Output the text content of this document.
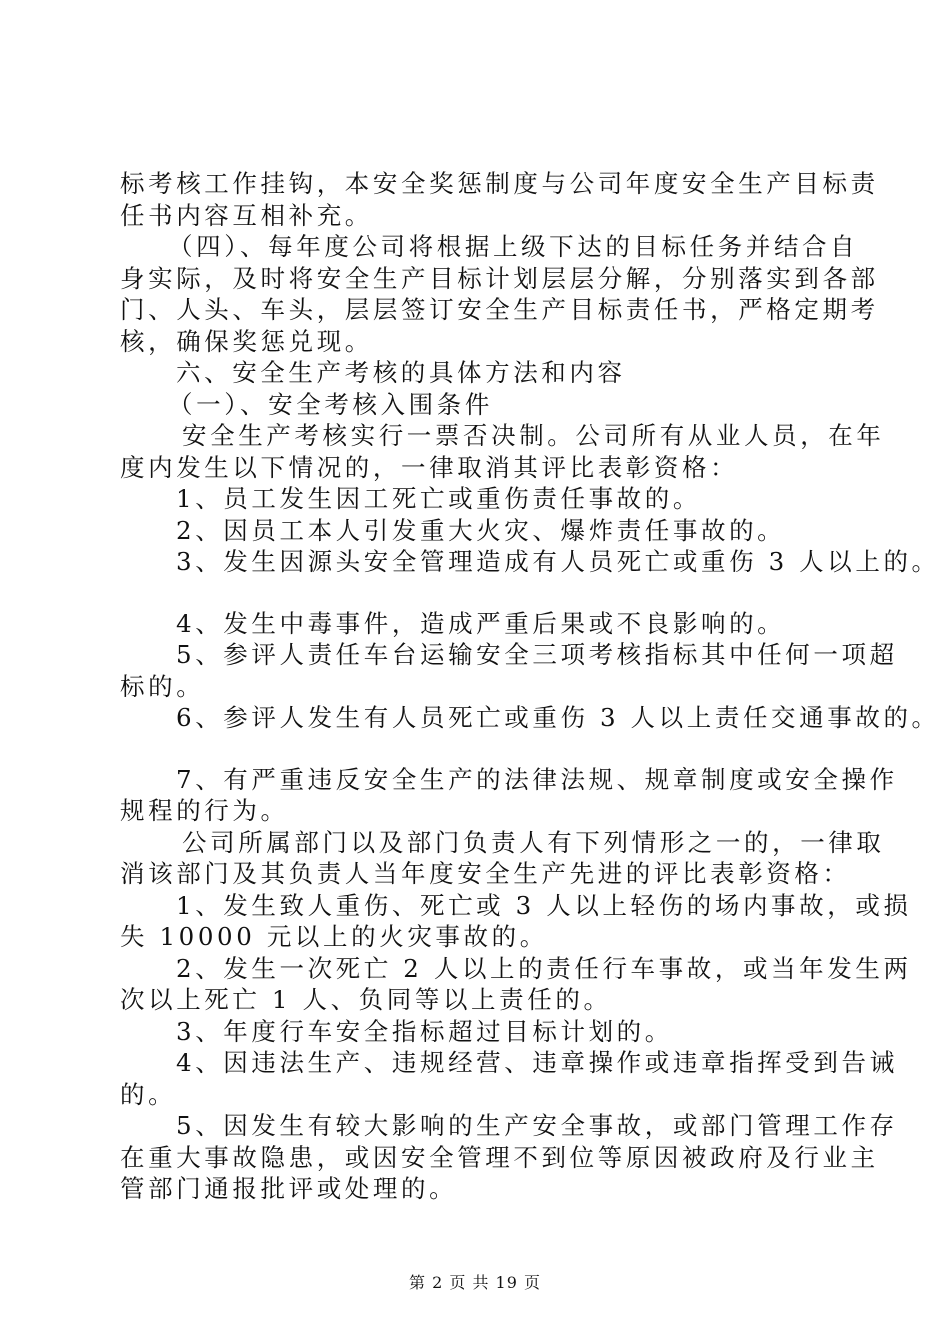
标考核工作挂钩，本安全奖惩制度与公司年度安全生产目标责
任书内容互相补充。
（四）、每年度公司将根据上级下达的目标任务并结合自
身实际，及时将安全生产目标计划层层分解，分别落实到各部
门、人头、车头，层层签订安全生产目标责任书，严格定期考
核，确保奖惩兑现。
六、安全生产考核的具体方法和内容
（一）、安全考核入围条件
安全生产考核实行一票否决制。公司所有从业人员，在年
度内发生以下情况的，一律取消其评比表彰资格：
1、员工发生因工死亡或重伤责任事故的。
2、因员工本人引发重大火灾、爆炸责任事故的。
3、发生因源头安全管理造成有人员死亡或重伤 3 人以上的。
4、发生中毒事件，造成严重后果或不良影响的。
5、参评人责任车台运输安全三项考核指标其中任何一项超
标的。
6、参评人发生有人员死亡或重伤 3 人以上责任交通事故的。
7、有严重违反安全生产的法律法规、规章制度或安全操作
规程的行为。
公司所属部门以及部门负责人有下列情形之一的，一律取
消该部门及其负责人当年度安全生产先进的评比表彰资格：
1、发生致人重伤、死亡或 3 人以上轻伤的场内事故，或损
失 10000 元以上的火灾事故的。
2、发生一次死亡 2 人以上的责任行车事故，或当年发生两
次以上死亡 1 人、负同等以上责任的。
3、年度行车安全指标超过目标计划的。
4、因违法生产、违规经营、违章操作或违章指挥受到告诫
的。
5、因发生有较大影响的生产安全事故，或部门管理工作存
在重大事故隐患，或因安全管理不到位等原因被政府及行业主
管部门通报批评或处理的。
第 2 页 共 19 页
